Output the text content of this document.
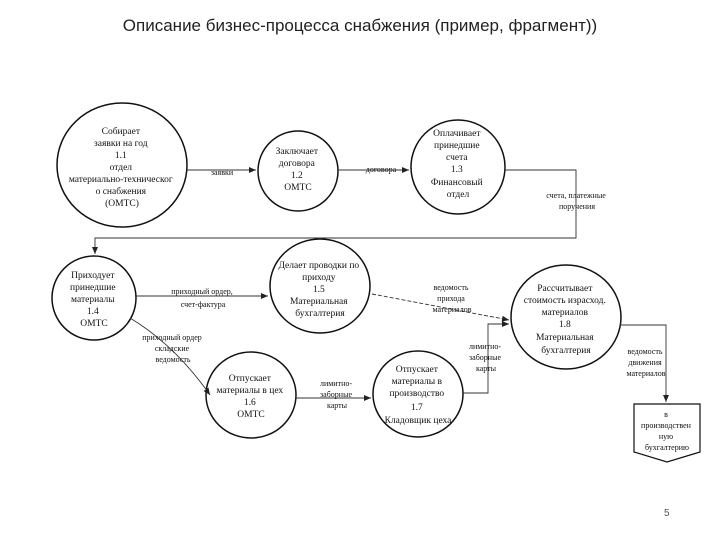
Описание бизнес-процесса снабжения (пример, фрагмент))
Собирает заявки на год 1.1 отдел материально-техническог о снабжения (ОМТС)
Заключает договора 1.2 ОМТС
Оплачивает принедшие счета 1.3 Финансовый отдел
Приходует принедшие материалы 1.4 ОМТС
Делает проводки по приходу 1.5 Материальная бухгалтерия
Отпускает материалы в цех 1.6 ОМТС
Отпускает материалы в производство 1.7 Кладовщик цеха
Рассчитывает стоимость израсход. материалов 1.8 Материальная бухгалтерия
в производствен ную бухгалтерию
заявки	договора
счета, платежные поручения
приходный ордер, счет-фактура
приходный ордер складские ведомость
ведомость прихода материалов
лимитно- заборные карты
лимитно- заборные карты
ведомость движения материалов
5
